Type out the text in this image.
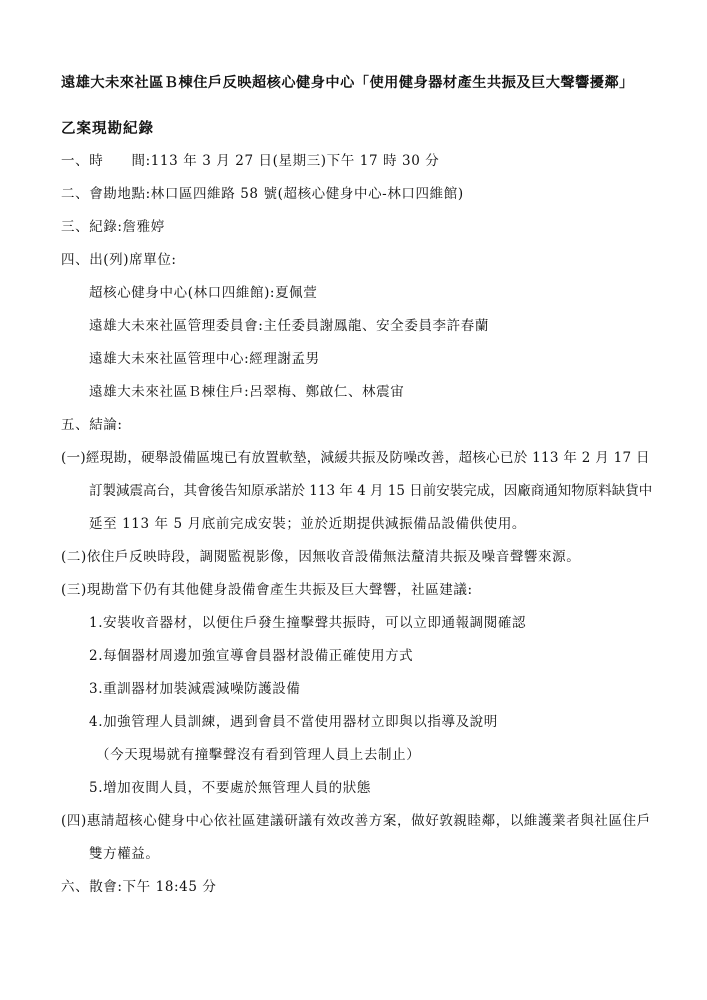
遠雄大未來社區Ｂ棟住戶反映超核心健身中心「使用健身器材產生共振及巨大聲響擾鄰」
乙案現勘紀錄
一、時　　間:113 年 3 月 27 日(星期三)下午 17 時 30 分
二、會勘地點:林口區四維路 58 號(超核心健身中心-林口四維館)
三、紀錄:詹雅婷
四、出(列)席單位:
超核心健身中心(林口四維館):夏佩萱
遠雄大未來社區管理委員會:主任委員謝鳳龍、安全委員李許春蘭
遠雄大未來社區管理中心:經理謝孟男
遠雄大未來社區Ｂ棟住戶:呂翠梅、鄭啟仁、林震宙
五、結論:
(一)經現勘，硬舉設備區塊已有放置軟墊，減緩共振及防噪改善，超核心已於 113 年 2 月 17 日
訂製減震高台，其會後告知原承諾於 113 年 4 月 15 日前安裝完成，因廠商通知物原料缺貨中
延至 113 年 5 月底前完成安裝；並於近期提供減振備品設備供使用。
(二)依住戶反映時段，調閱監視影像，因無收音設備無法釐清共振及噪音聲響來源。
(三)現勘當下仍有其他健身設備會產生共振及巨大聲響，社區建議:
1.安裝收音器材，以便住戶發生撞擊聲共振時，可以立即通報調閱確認
2.每個器材周邊加強宣導會員器材設備正確使用方式
3.重訓器材加裝減震減噪防護設備
4.加強管理人員訓練，遇到會員不當使用器材立即與以指導及說明
（今天現場就有撞擊聲沒有看到管理人員上去制止）
5.增加夜間人員，不要處於無管理人員的狀態
(四)惠請超核心健身中心依社區建議研議有效改善方案，做好敦親睦鄰，以維護業者與社區住戶
雙方權益。
六、散會:下午 18:45 分
